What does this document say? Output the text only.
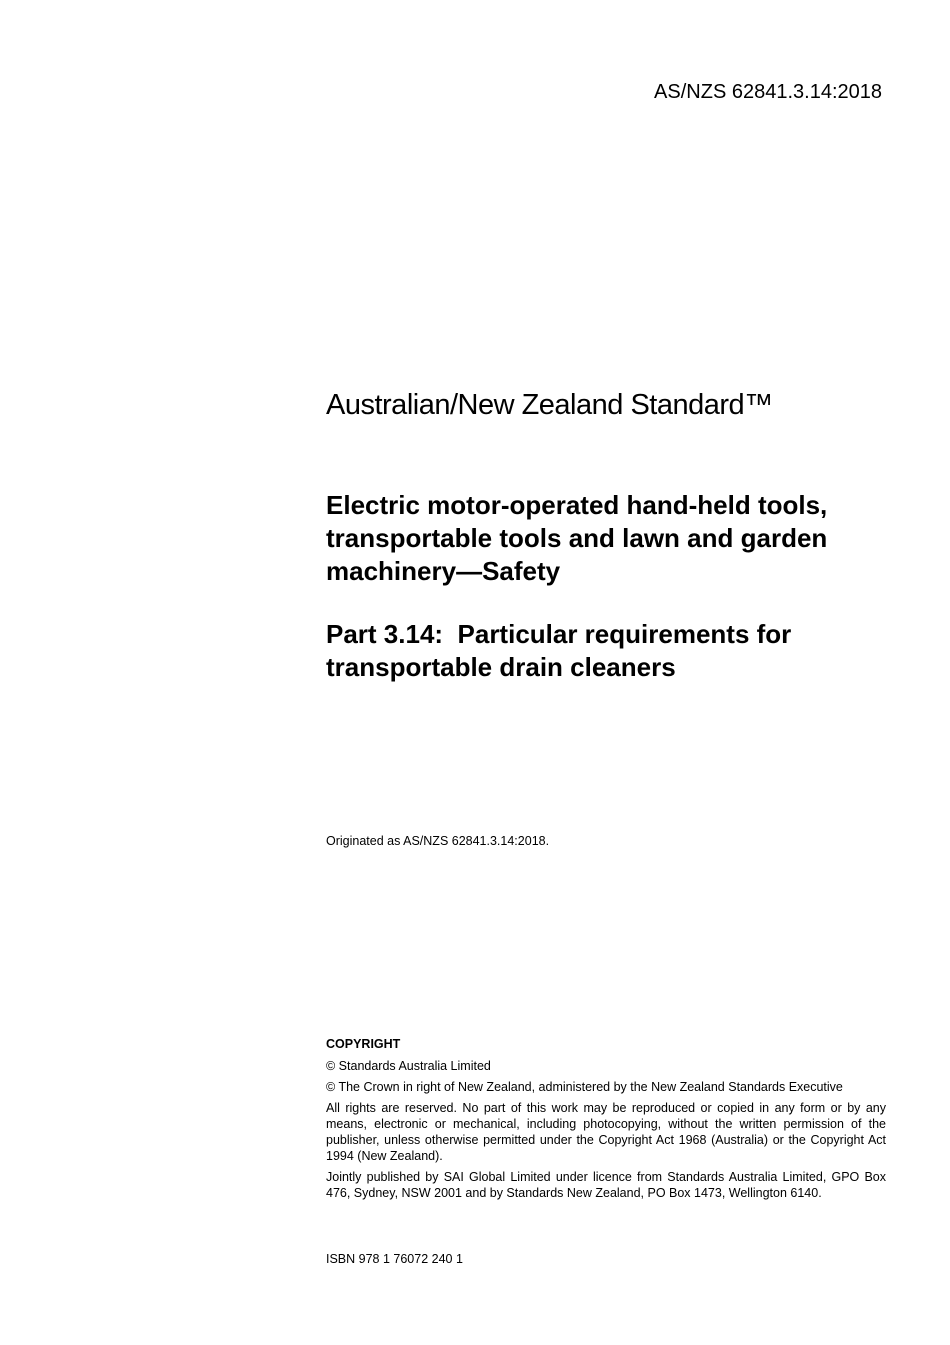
AS/NZS 62841.3.14:2018
Australian/New Zealand Standard™
Electric motor-operated hand-held tools,
transportable tools and lawn and garden
machinery—Safety
Part 3.14:  Particular requirements for
transportable drain cleaners
Originated as AS/NZS 62841.3.14:2018.

COPYRIGHT

© Standards Australia Limited

© The Crown in right of New Zealand, administered by the New Zealand Standards Executive

All rights are reserved. No part of this work may be reproduced or copied in any form or by any means, electronic or mechanical, including photocopying, without the written permission of the publisher, unless otherwise permitted under the Copyright Act 1968 (Australia) or the Copyright Act 1994 (New Zealand).

Jointly published by SAI Global Limited under licence from Standards Australia Limited, GPO Box 476, Sydney, NSW 2001 and by Standards New Zealand, PO Box 1473, Wellington 6140.

ISBN 978 1 76072 240 1
